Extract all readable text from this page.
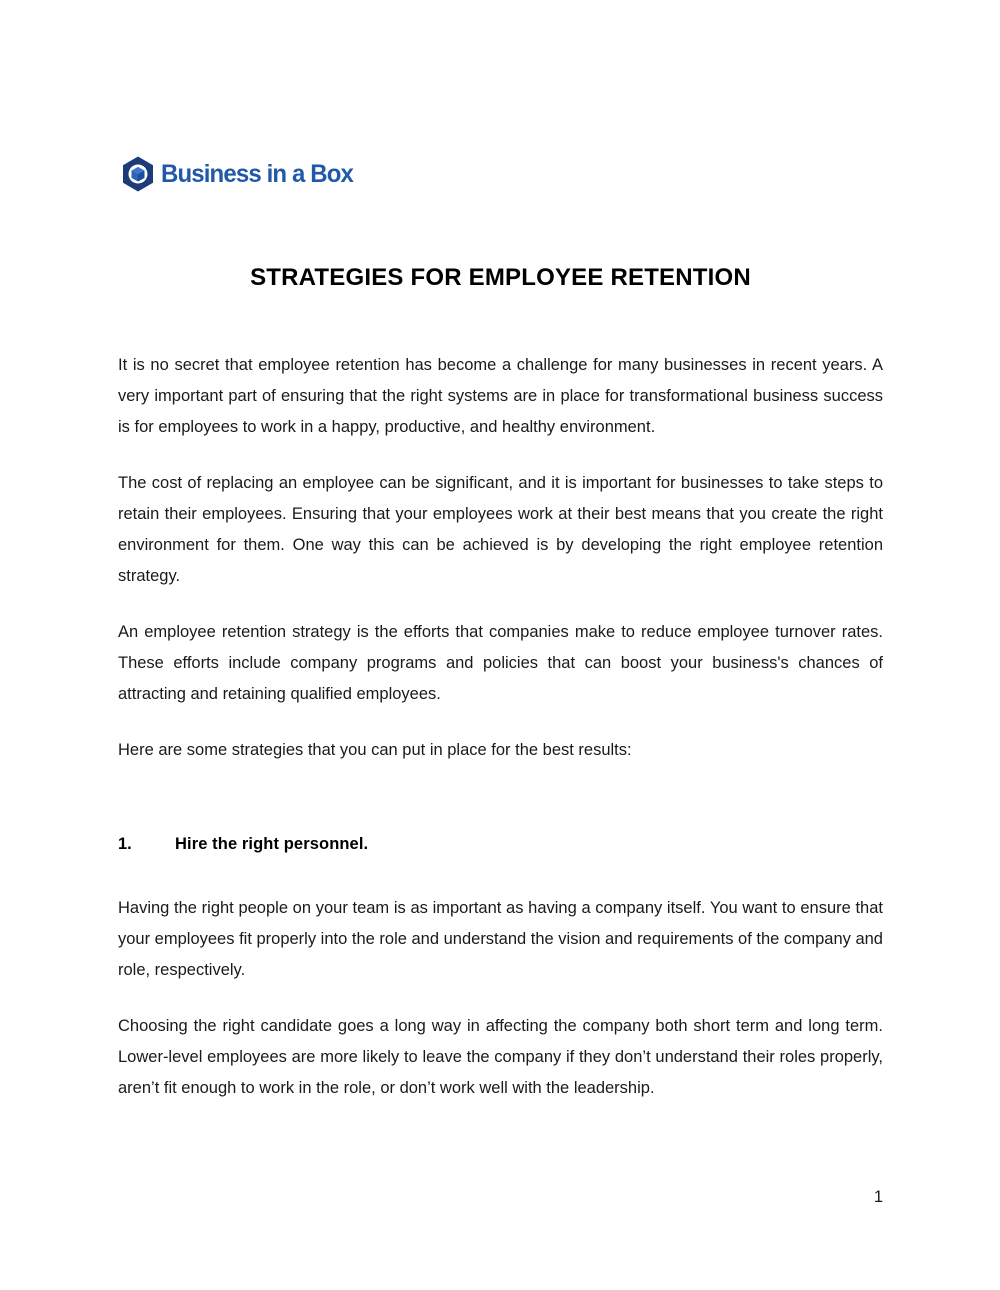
Business in a Box
STRATEGIES FOR EMPLOYEE RETENTION

It is no secret that employee retention has become a challenge for many businesses in recent years. A very important part of ensuring that the right systems are in place for transformational business success is for employees to work in a happy, productive, and healthy environment.

The cost of replacing an employee can be significant, and it is important for businesses to take steps to retain their employees. Ensuring that your employees work at their best means that you create the right environment for them. One way this can be achieved is by developing the right employee retention strategy.

An employee retention strategy is the efforts that companies make to reduce employee turnover rates. These efforts include company programs and policies that can boost your business's chances of attracting and retaining qualified employees.

Here are some strategies that you can put in place for the best results:

1.	Hire the right personnel.

Having the right people on your team is as important as having a company itself. You want to ensure that your employees fit properly into the role and understand the vision and requirements of the company and role, respectively.

Choosing the right candidate goes a long way in affecting the company both short term and long term. Lower-level employees are more likely to leave the company if they don’t understand their roles properly, aren’t fit enough to work in the role, or don’t work well with the leadership.

1
